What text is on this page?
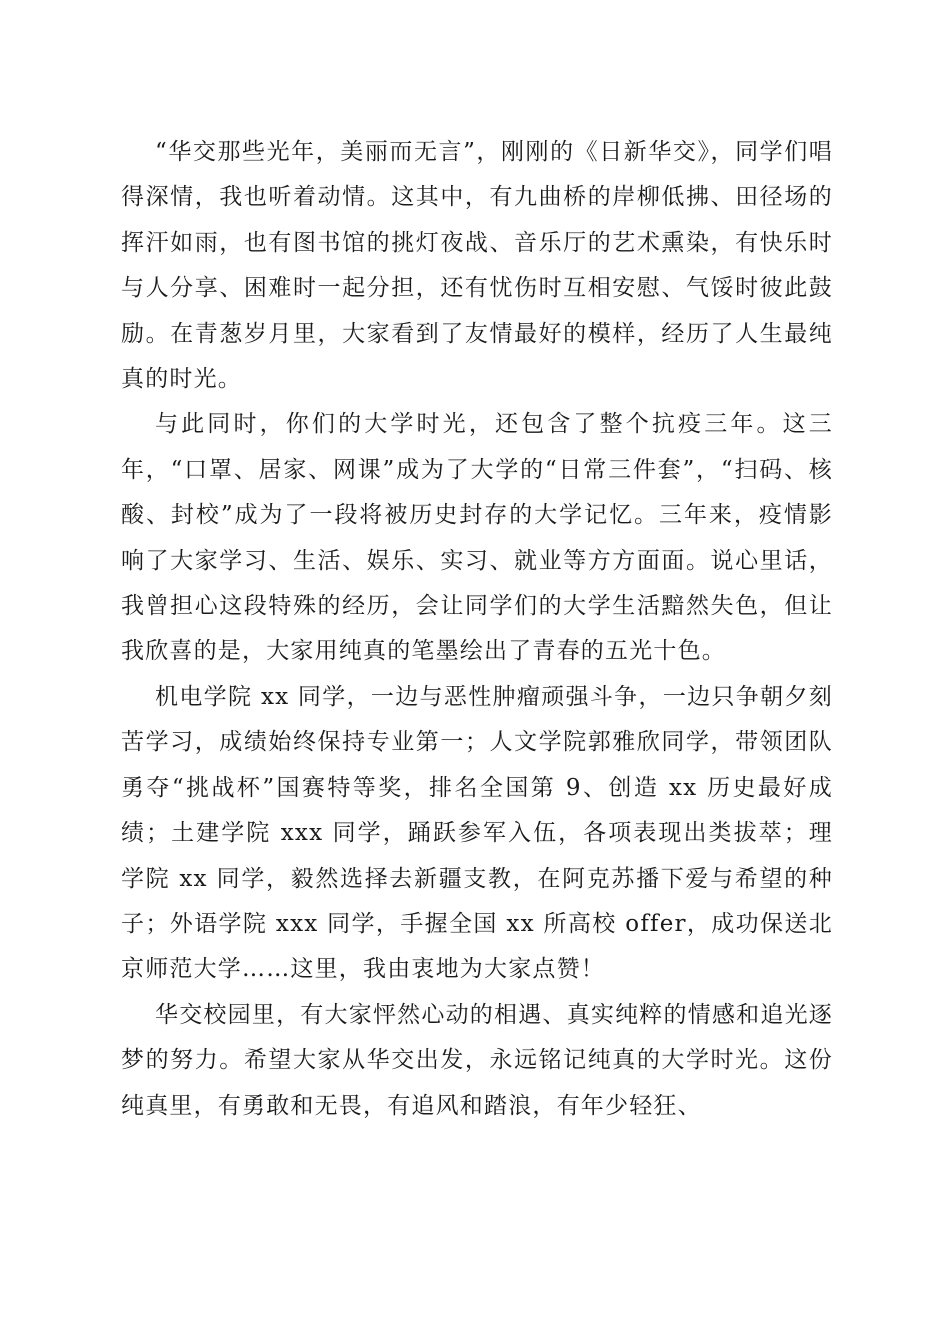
“华交那些光年，美丽而无言”，刚刚的《日新华交》，同学们唱得深情，我也听着动情。这其中，有九曲桥的岸柳低拂、田径场的挥汗如雨，也有图书馆的挑灯夜战、音乐厅的艺术熏染，有快乐时与人分享、困难时一起分担，还有忧伤时互相安慰、气馁时彼此鼓励。在青葱岁月里，大家看到了友情最好的模样，经历了人生最纯真的时光。

与此同时，你们的大学时光，还包含了整个抗疫三年。这三年，“口罩、居家、网课”成为了大学的“日常三件套”，“扫码、核酸、封校”成为了一段将被历史封存的大学记忆。三年来，疫情影响了大家学习、生活、娱乐、实习、就业等方方面面。说心里话，我曾担心这段特殊的经历，会让同学们的大学生活黯然失色，但让我欣喜的是，大家用纯真的笔墨绘出了青春的五光十色。

机电学院 xx 同学，一边与恶性肿瘤顽强斗争，一边只争朝夕刻苦学习，成绩始终保持专业第一；人文学院郭雅欣同学，带领团队勇夺“挑战杯”国赛特等奖，排名全国第 9、创造 xx 历史最好成绩；土建学院 xxx 同学，踊跃参军入伍，各项表现出类拔萃；理学院 xx 同学，毅然选择去新疆支教，在阿克苏播下爱与希望的种子；外语学院 xxx 同学，手握全国 xx 所高校 offer，成功保送北京师范大学……这里，我由衷地为大家点赞！

华交校园里，有大家怦然心动的相遇、真实纯粹的情感和追光逐梦的努力。希望大家从华交出发，永远铭记纯真的大学时光。这份纯真里，有勇敢和无畏，有追风和踏浪，有年少轻狂、
